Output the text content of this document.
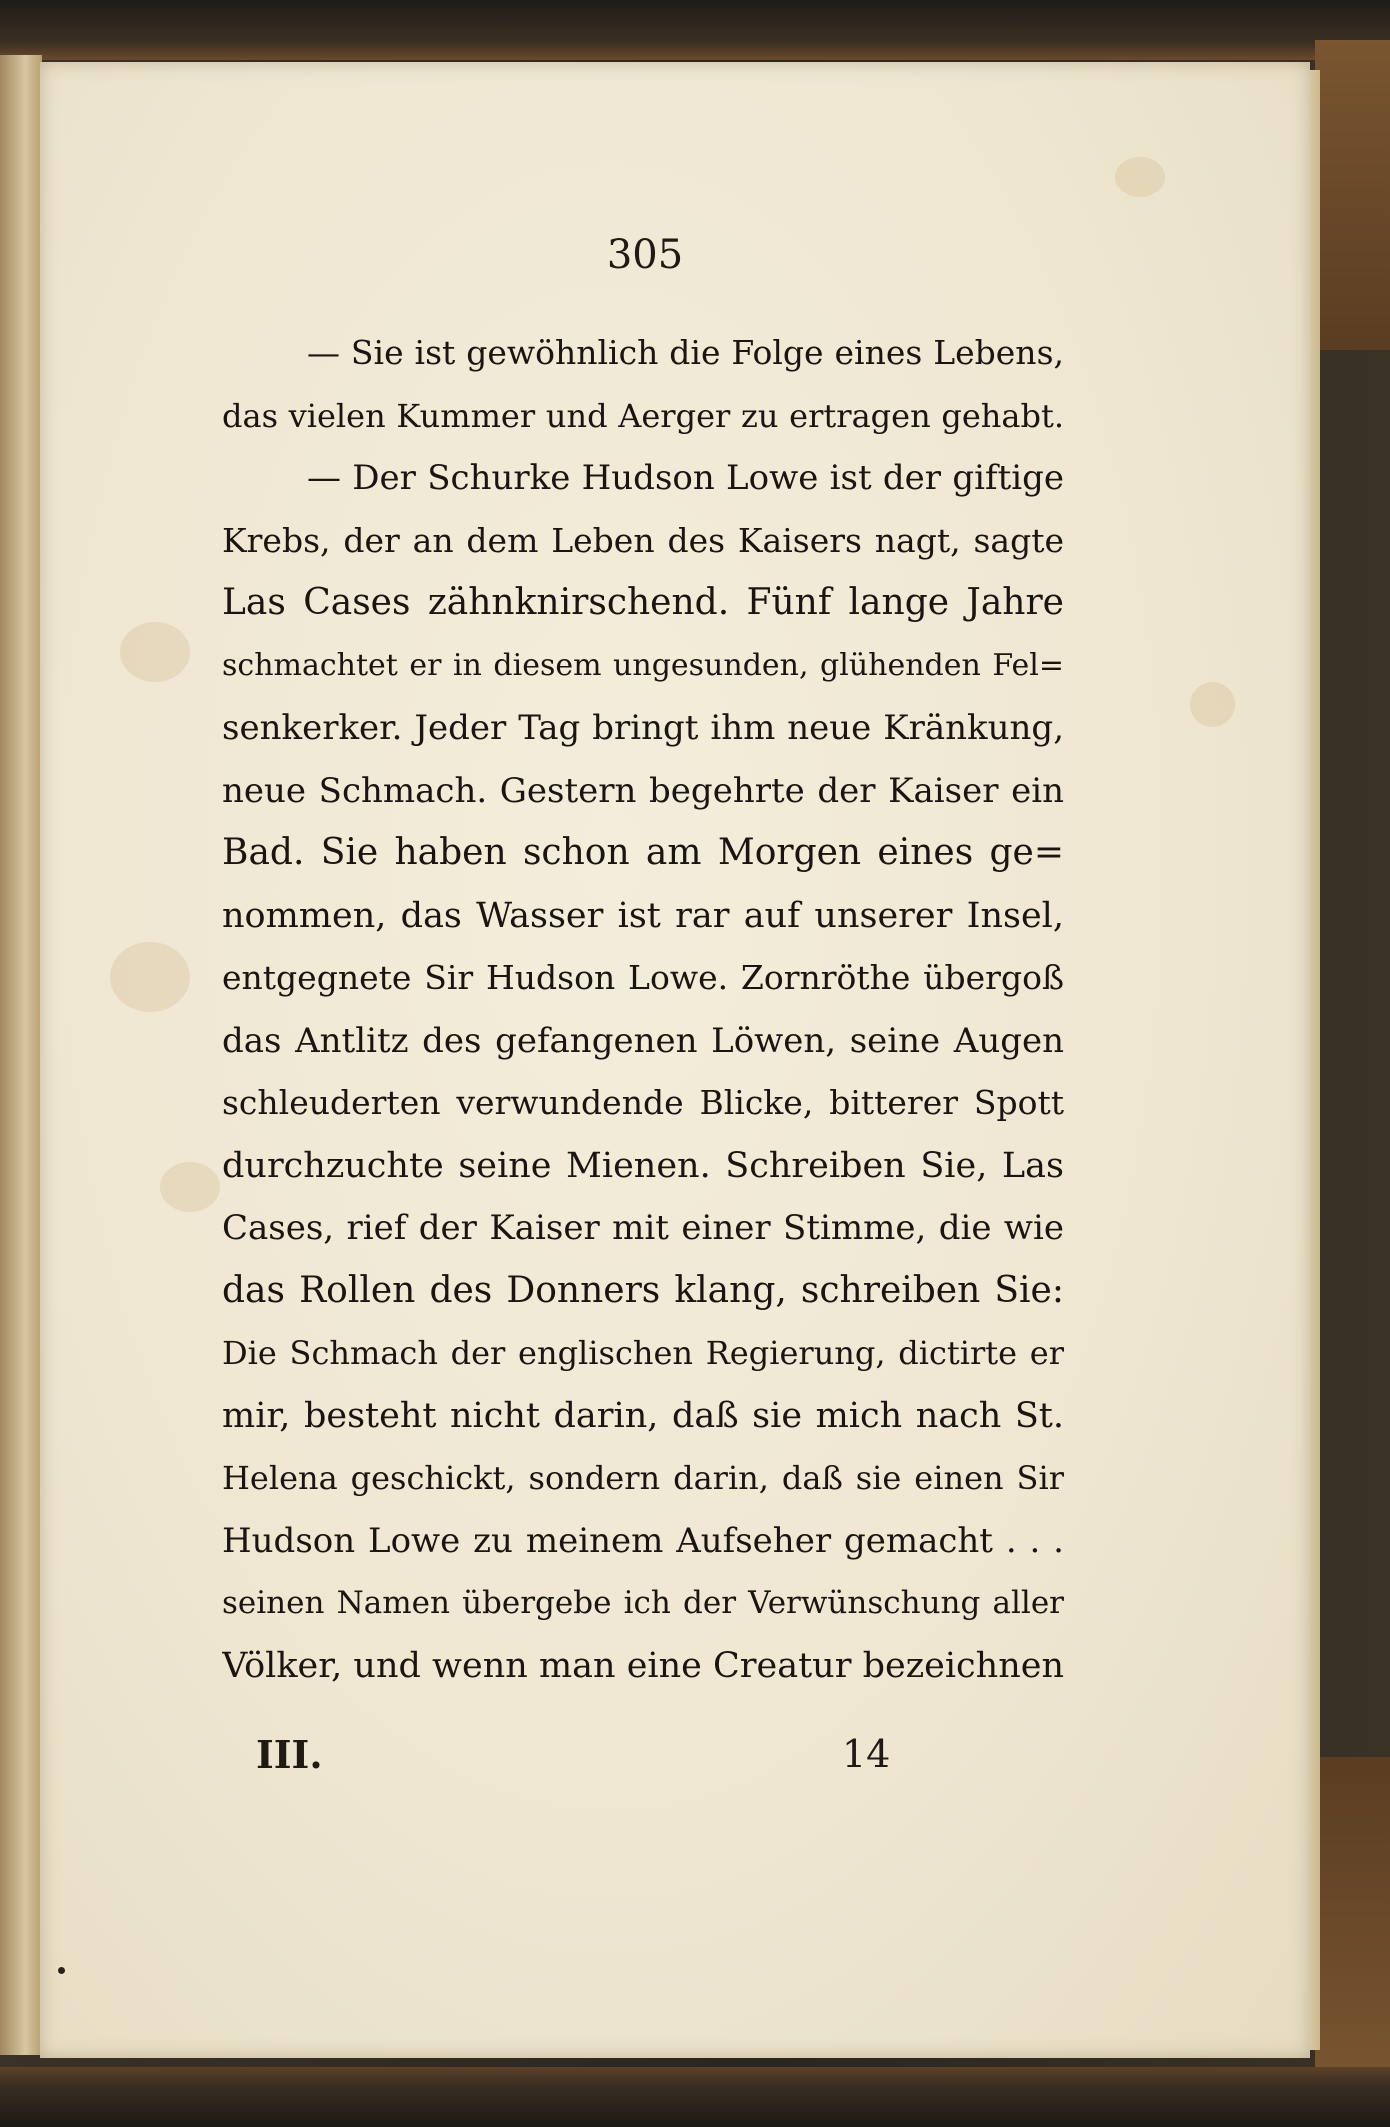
305
— Sie ist gewöhnlich die Folge eines Lebens,
das vielen Kummer und Aerger zu ertragen gehabt.
— Der Schurke Hudson Lowe ist der giftige
Krebs, der an dem Leben des Kaisers nagt, sagte
Las Cases zähnknirschend. Fünf lange Jahre
schmachtet er in diesem ungesunden, glühenden Fel=
senkerker. Jeder Tag bringt ihm neue Kränkung,
neue Schmach. Gestern begehrte der Kaiser ein
Bad. Sie haben schon am Morgen eines ge=
nommen, das Wasser ist rar auf unserer Insel,
entgegnete Sir Hudson Lowe. Zornröthe übergoß
das Antlitz des gefangenen Löwen, seine Augen
schleuderten verwundende Blicke, bitterer Spott
durchzuchte seine Mienen. Schreiben Sie, Las
Cases, rief der Kaiser mit einer Stimme, die wie
das Rollen des Donners klang, schreiben Sie:
Die Schmach der englischen Regierung, dictirte er
mir, besteht nicht darin, daß sie mich nach St.
Helena geschickt, sondern darin, daß sie einen Sir
Hudson Lowe zu meinem Aufseher gemacht . . .
seinen Namen übergebe ich der Verwünschung aller
Völker, und wenn man eine Creatur bezeichnen
III.	14
